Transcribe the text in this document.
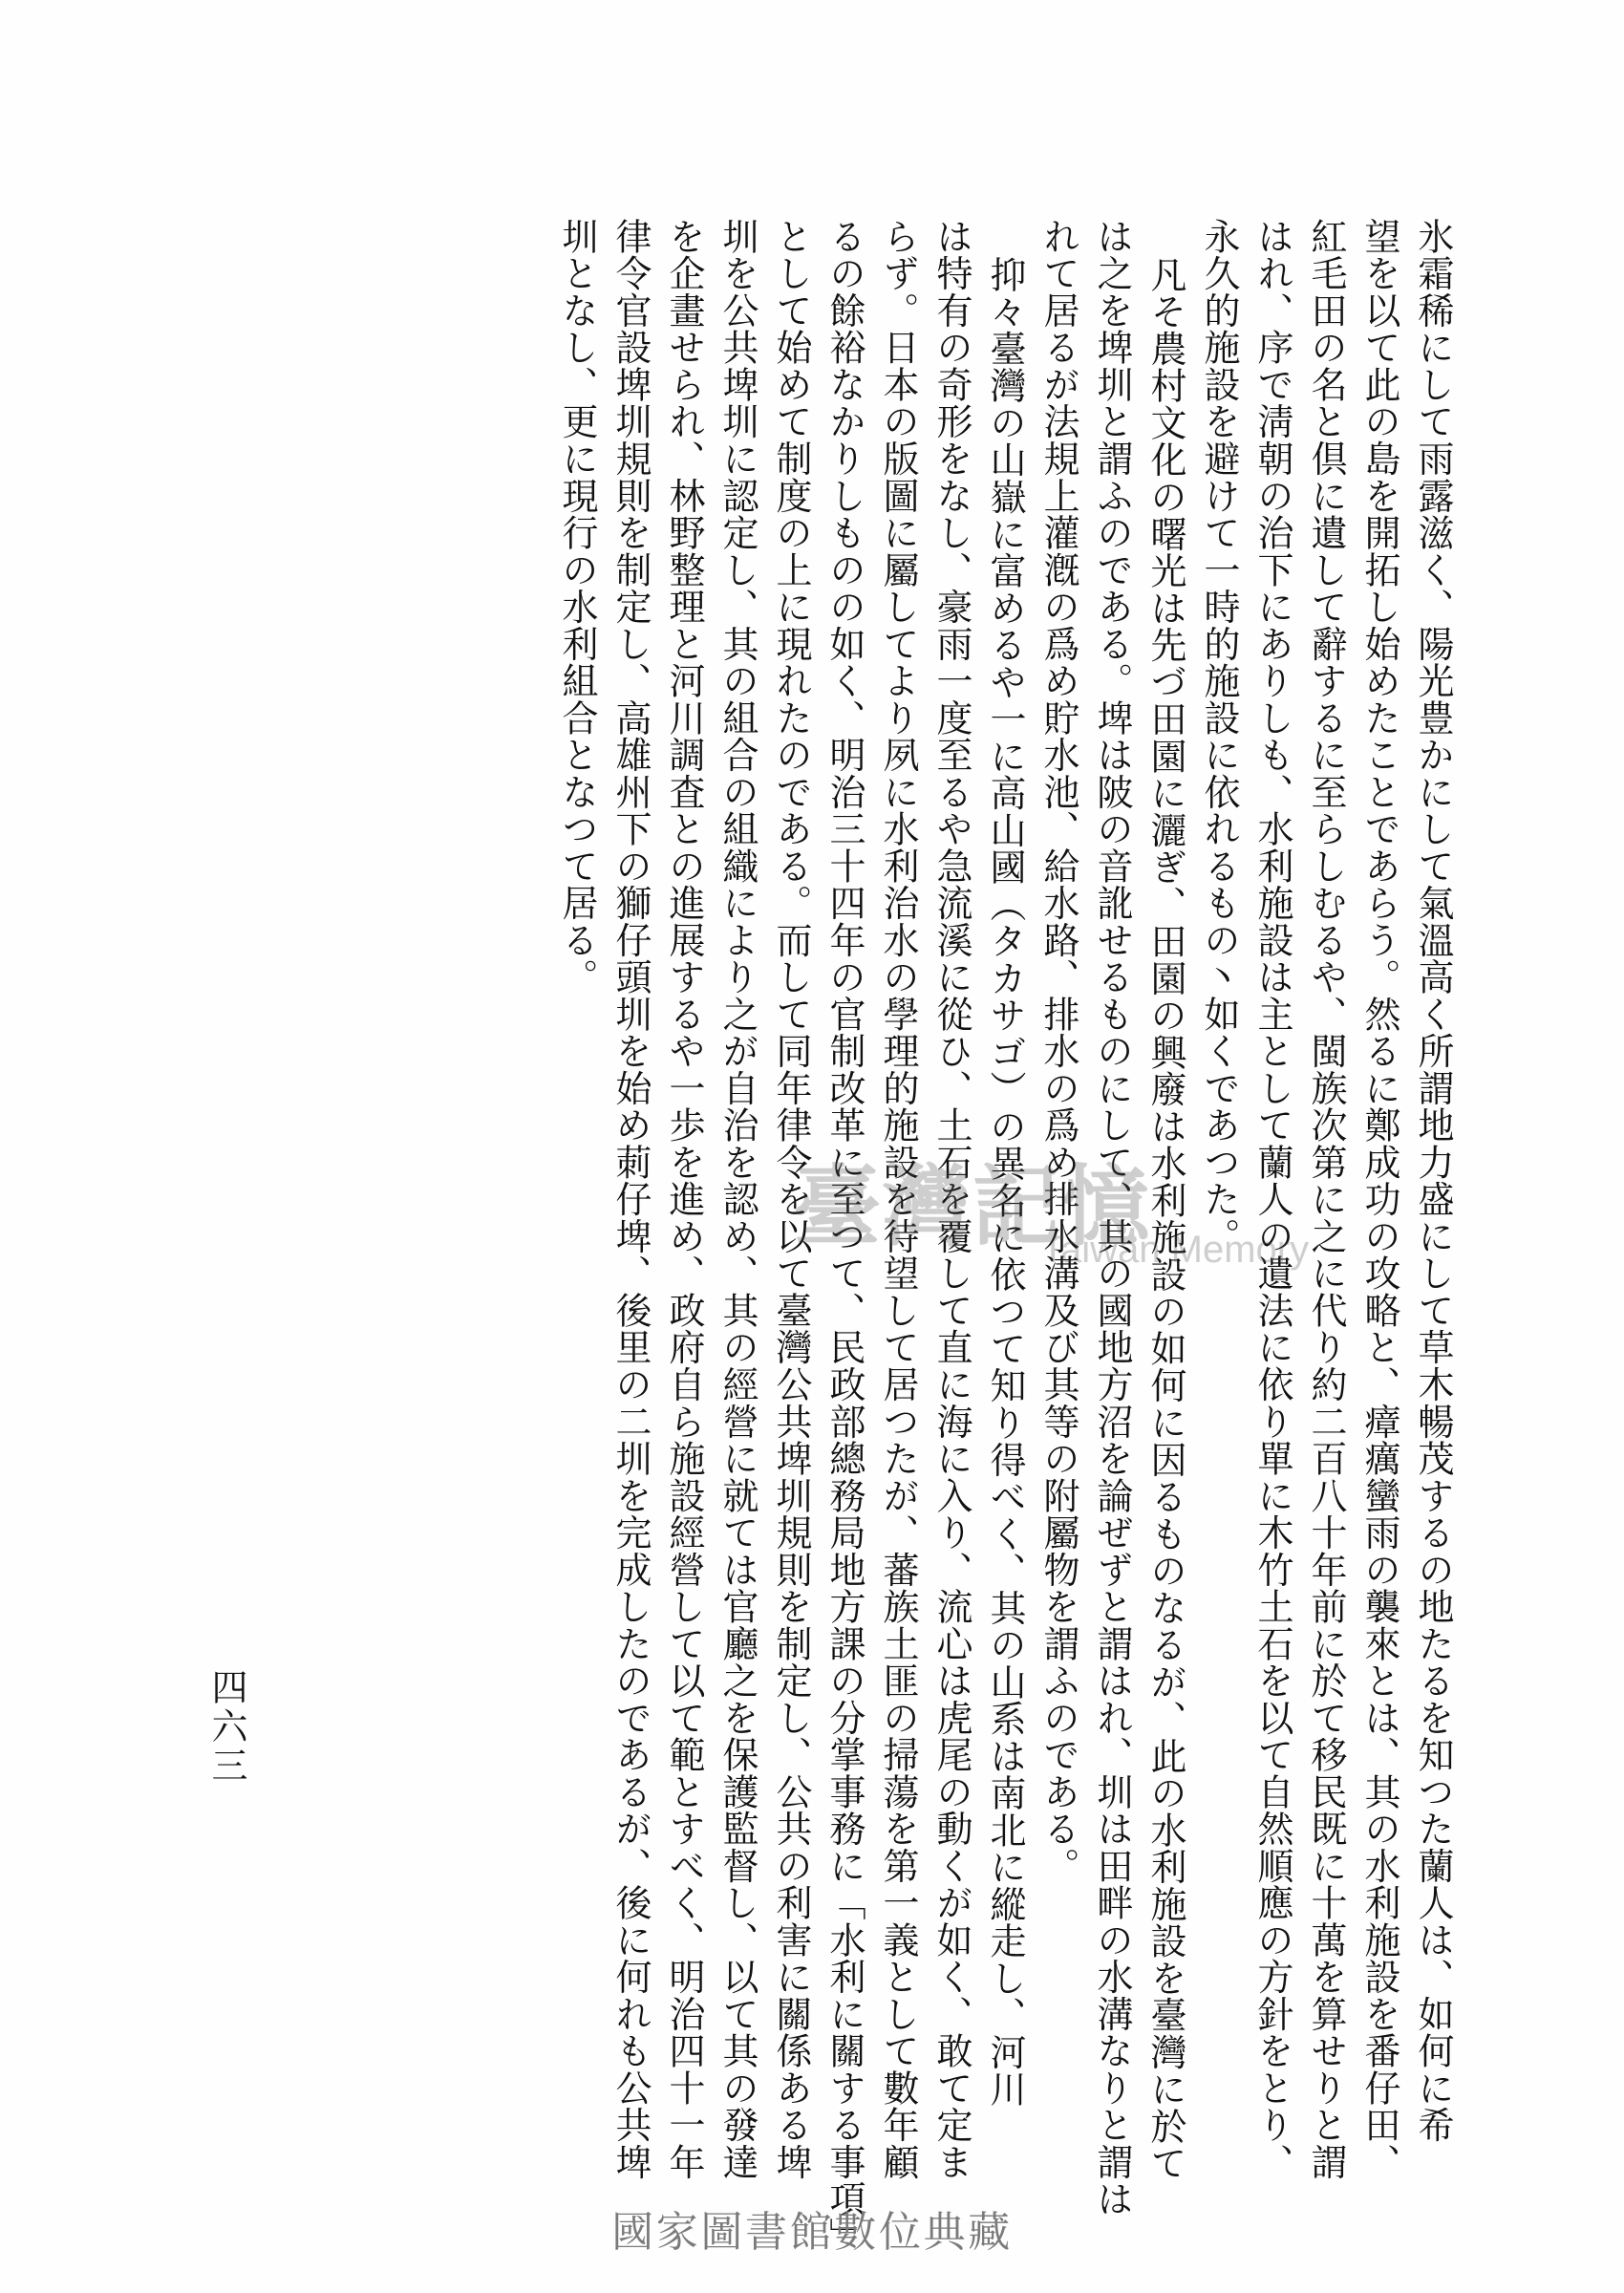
氷霜稀にして雨露滋く、陽光豊かにして氣溫高く所謂地力盛にして草木暢茂するの地たるを知つた蘭人は、如何に希
望を以て此の島を開拓し始めたことであらう。然るに鄭成功の攻略と、瘴癘蠻雨の襲來とは、其の水利施設を番仔田、
紅毛田の名と倶に遺して辭するに至らしむるや、閩族次第に之に代り約二百八十年前に於て移民既に十萬を算せりと謂
はれ、序で淸朝の治下にありしも、水利施設は主として蘭人の遺法に依り單に木竹土石を以て自然順應の方針をとり、
永久的施設を避けて一時的施設に依れるもの丶如くであつた。
凡そ農村文化の曙光は先づ田園に灑ぎ、田園の興廢は水利施設の如何に因るものなるが、此の水利施設を臺灣に於て
は之を埤圳と謂ふのである。埤は陂の音訛せるものにして、其の國地方沼を論ぜずと謂はれ、圳は田畔の水溝なりと謂は
れて居るが法規上灌漑の爲め貯水池、給水路、排水の爲め排水溝及び其等の附屬物を謂ふのである。
抑々臺灣の山嶽に富めるや一に高山國（タカサゴ）の異名に依つて知り得べく、其の山系は南北に縱走し、河川
は特有の奇形をなし、豪雨一度至るや急流溪に從ひ、土石を覆して直に海に入り、流心は虎尾の動くが如く、敢て定ま
らず。日本の版圖に屬してより夙に水利治水の學理的施設を待望して居つたが、蕃族土匪の掃蕩を第一義として數年顧
るの餘裕なかりしものの如く、明治三十四年の官制改革に至つて、民政部總務局地方課の分掌事務に「水利に關する事項」
として始めて制度の上に現れたのである。而して同年律令を以て臺灣公共埤圳規則を制定し、公共の利害に關係ある埤
圳を公共埤圳に認定し、其の組合の組織により之が自治を認め、其の經營に就ては官廳之を保護監督し、以て其の發達
を企畫せられ、林野整理と河川調査との進展するや一歩を進め、政府自ら施設經營して以て範とすべく、明治四十一年
律令官設埤圳規則を制定し、高雄州下の獅仔頭圳を始め莿仔埤、後里の二圳を完成したのであるが、後に何れも公共埤
圳となし、更に現行の水利組合となつて居る。
四六三
臺灣記憶
Taiwan Memory
國家圖書館數位典藏
